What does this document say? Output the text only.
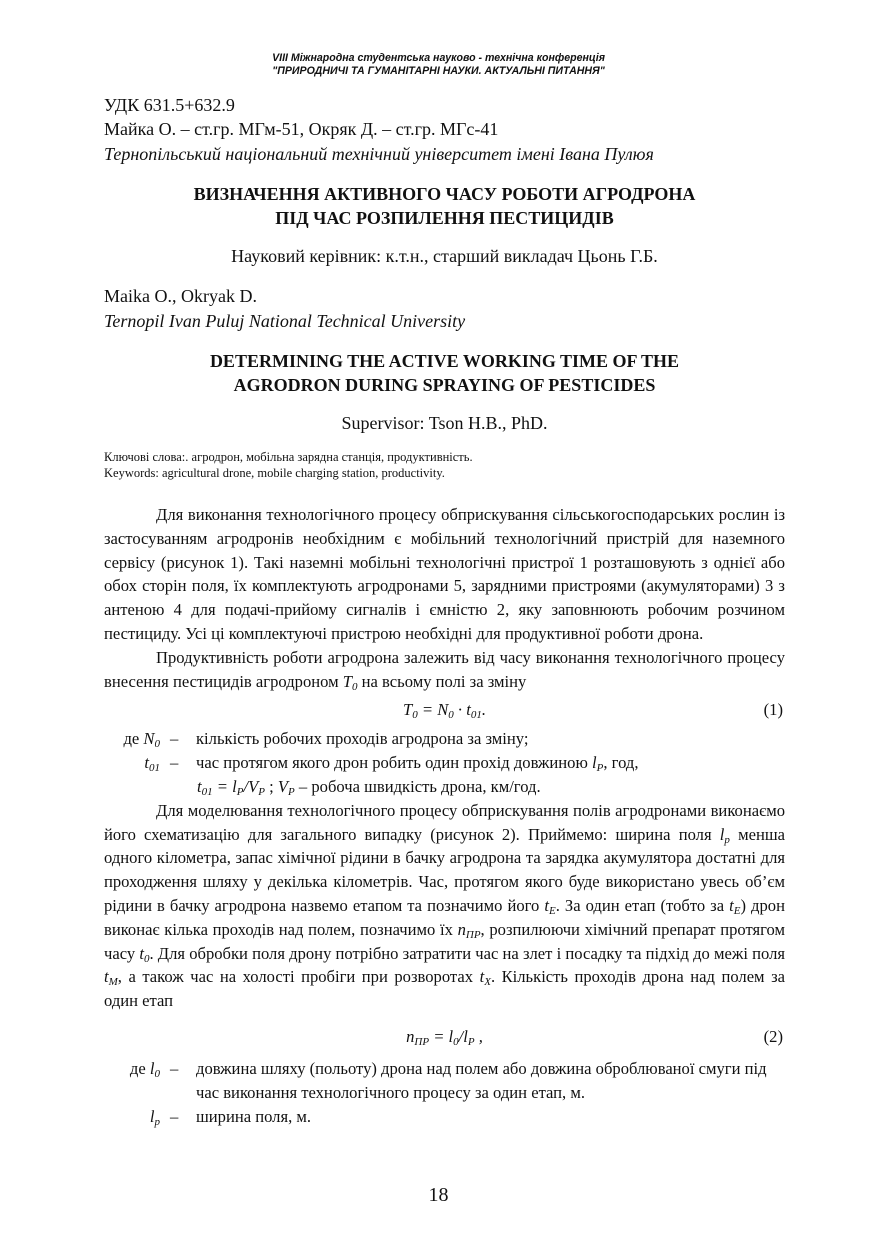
VIII Міжнародна студентська науково - технічна конференція
"ПРИРОДНИЧІ ТА ГУМАНІТАРНІ НАУКИ. АКТУАЛЬНІ ПИТАННЯ"
УДК 631.5+632.9
Майка О. – ст.гр. МГм-51, Окряк Д. – ст.гр. МГс-41
Тернопільський національний технічний університет імені Івана Пулюя
ВИЗНАЧЕННЯ АКТИВНОГО ЧАСУ РОБОТИ АГРОДРОНА
ПІД ЧАС РОЗПИЛЕННЯ ПЕСТИЦИДІВ
Науковий керівник: к.т.н., старший викладач Цьонь Г.Б.
Maika O., Okryak D.
Ternopil Ivan Puluj National Technical University
DETERMINING THE ACTIVE WORKING TIME OF THE
AGRODRON DURING SPRAYING OF PESTICIDES
Supervisor: Tson H.B., PhD.
Ключові слова:. агродрон, мобільна зарядна станція, продуктивність.
Keywords: agricultural drone, mobile charging station, productivity.

Для виконання технологічного процесу обприскування сільськогосподарських рослин із застосуванням агродронів необхідним є мобільний технологічний пристрій для наземного сервісу (рисунок 1). Такі наземні мобільні технологічні пристрої 1 розташовують з однієї або обох сторін поля, їх комплектують агродронами 5, зарядними пристроями (акумуляторами) 3 з антеною 4 для подачі-прийому сигналів і ємністю 2, яку заповнюють робочим розчином пестициду. Усі ці комплектуючі пристрою необхідні для продуктивної роботи дрона.

Продуктивність роботи агродрона залежить від часу виконання технологічного процесу внесення пестицидів агродроном $T_0$ на всьому полі за зміну

$T_0 = N_0 \cdot t_{01}$.	(1)
де $N_0$ –	кількість робочих проходів агродрона за зміну;
$t_{01}$ –	час протягом якого дрон робить один прохід довжиною $l_P$, год,
$t_{01} = l_P/V_P$ ; $V_P$ – робоча швидкість дрона, км/год.

Для моделювання технологічного процесу обприскування полів агродронами виконаємо його схематизацію для загального випадку (рисунок 2). Приймемо: ширина поля $l_p$ менша одного кілометра, запас хімічної рідини в бачку агродрона та зарядка акумулятора достатні для проходження шляху у декілька кілометрів. Час, протягом якого буде використано увесь об’єм рідини в бачку агродрона назвемо етапом та позначимо його $t_E$. За один етап (тобто за $t_E$) дрон виконає кілька проходів над полем, позначимо їх $n_{ПР}$, розпилюючи хімічний препарат протягом часу $t_0$. Для обробки поля дрону потрібно затратити час на злет і посадку та підхід до межі поля $t_M$, а також час на холості пробіги при розворотах $t_X$. Кількість проходів дрона над полем за один етап

$n_{ПР} = l_0/l_P$ ,	(2)
де $l_0$ –	довжина шляху (польоту) дрона над полем або довжина оброблюваної смуги під час виконання технологічного процесу за один етап, м.
$l_p$ –	ширина поля, м.
18
